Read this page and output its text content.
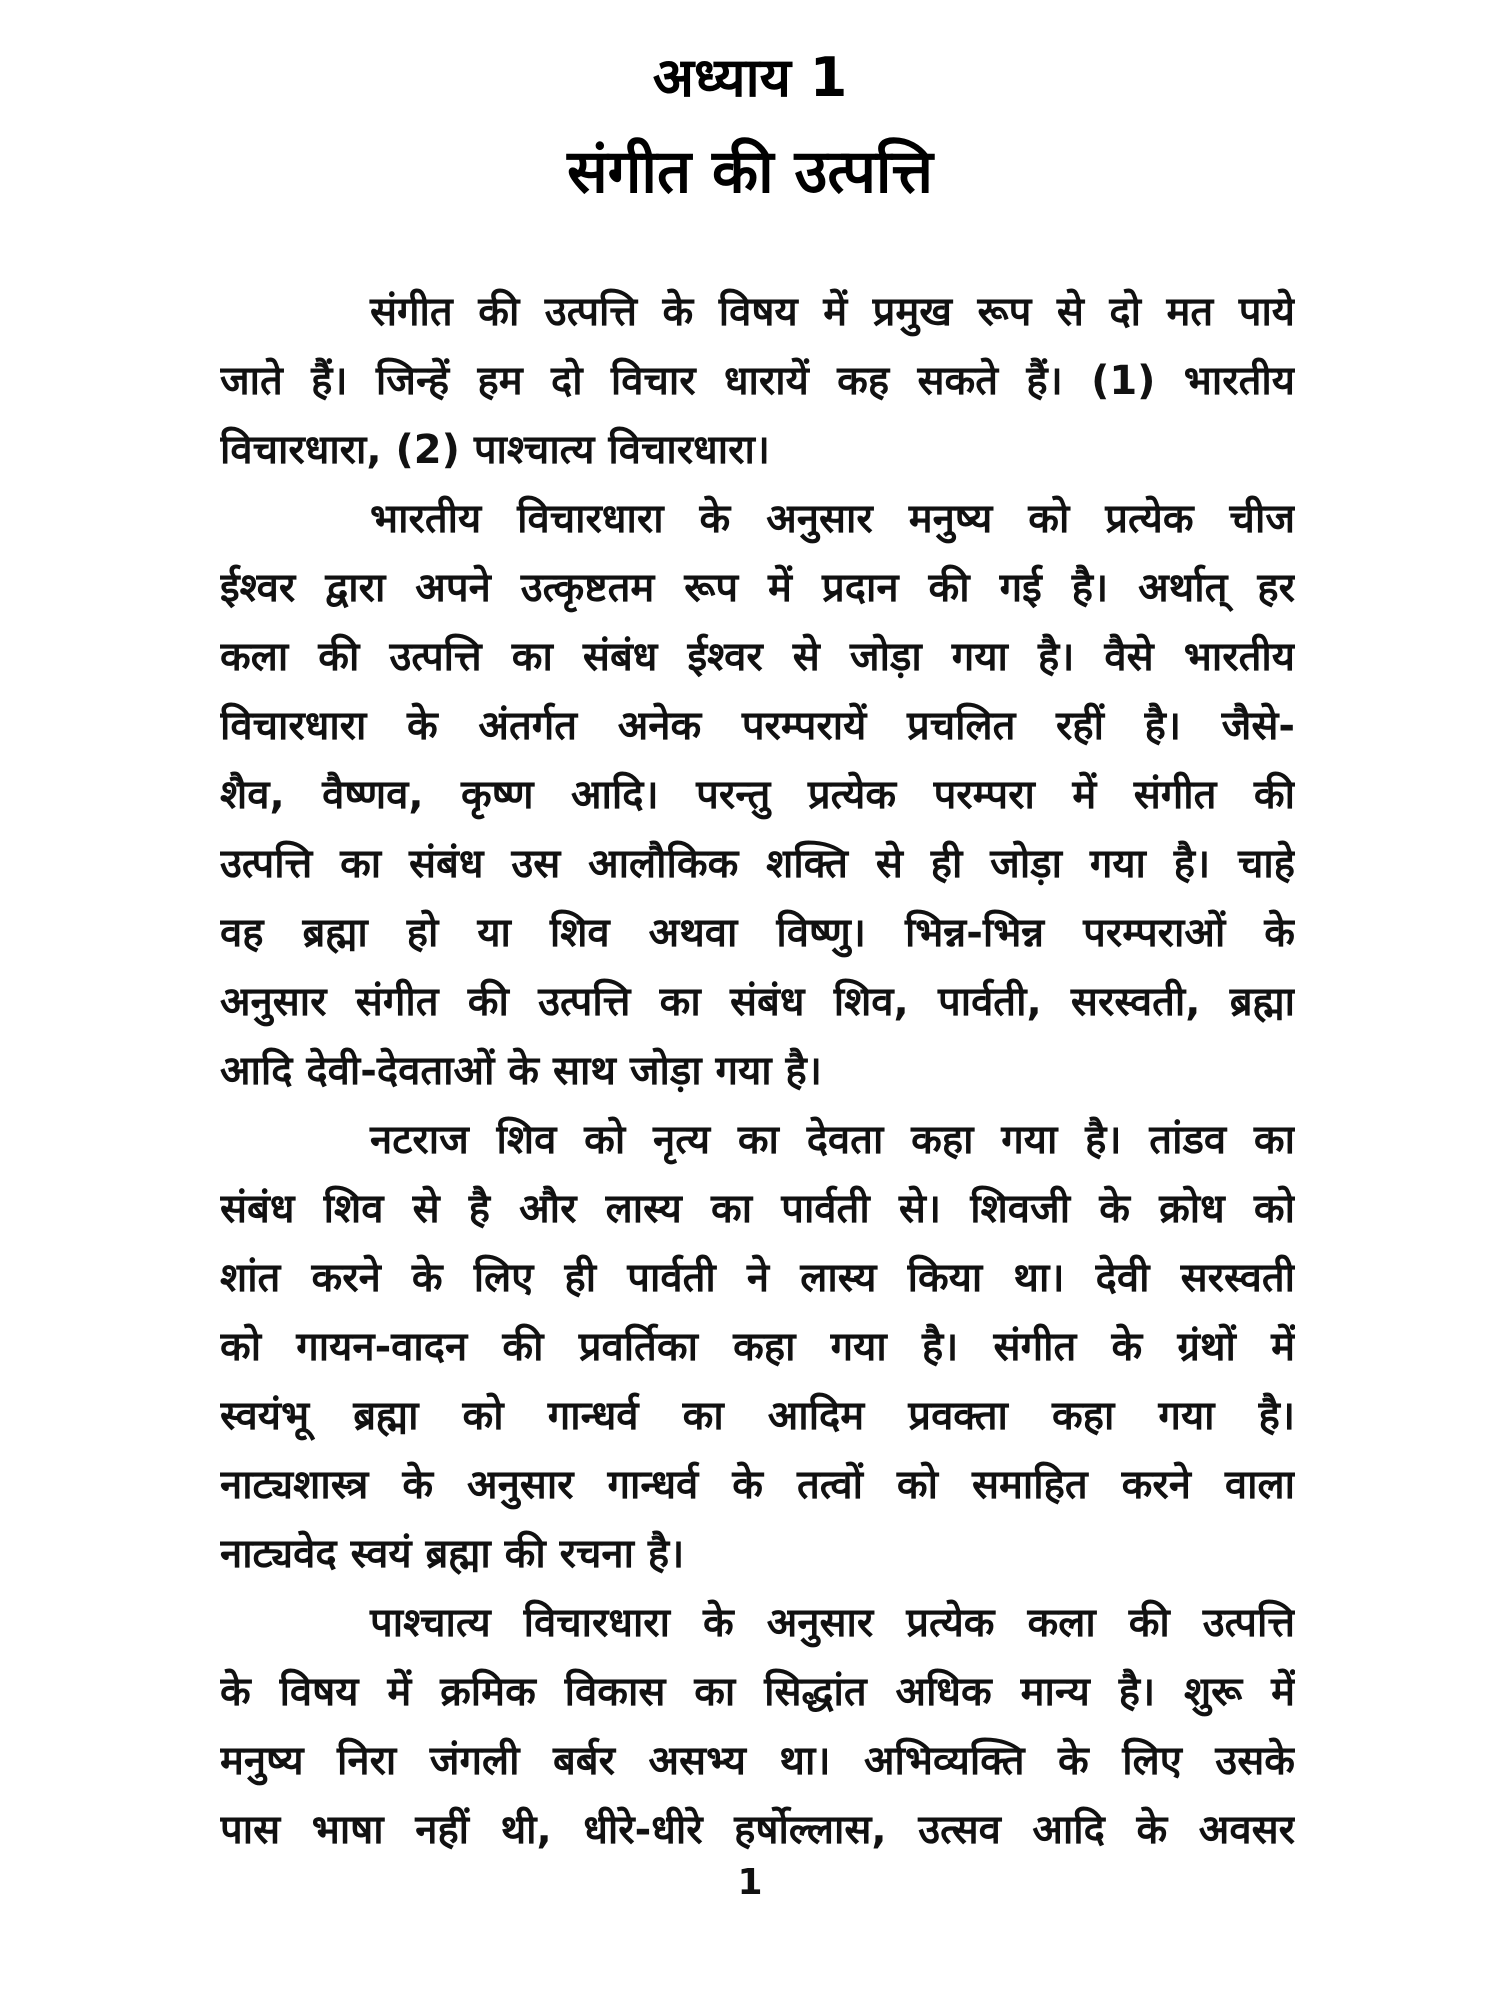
अध्याय 1
संगीत की उत्पत्ति
संगीत की उत्पत्ति के विषय में प्रमुख रूप से दो मत पाये
जाते हैं। जिन्हें हम दो विचार धारायें कह सकते हैं। (1) भारतीय
विचारधारा, (2) पाश्चात्य विचारधारा।
भारतीय विचारधारा के अनुसार मनुष्य को प्रत्येक चीज
ईश्वर द्वारा अपने उत्कृष्टतम रूप में प्रदान की गई है। अर्थात् हर
कला की उत्पत्ति का संबंध ईश्वर से जोड़ा गया है। वैसे भारतीय
विचारधारा के अंतर्गत अनेक परम्परायें प्रचलित रहीं है। जैसे-
शैव, वैष्णव, कृष्ण आदि। परन्तु प्रत्येक परम्परा में संगीत की
उत्पत्ति का संबंध उस आलौकिक शक्ति से ही जोड़ा गया है। चाहे
वह ब्रह्मा हो या शिव अथवा विष्णु। भिन्न-भिन्न परम्पराओं के
अनुसार संगीत की उत्पत्ति का संबंध शिव, पार्वती, सरस्वती, ब्रह्मा
आदि देवी-देवताओं के साथ जोड़ा गया है।
नटराज शिव को नृत्य का देवता कहा गया है। तांडव का
संबंध शिव से है और लास्य का पार्वती से। शिवजी के क्रोध को
शांत करने के लिए ही पार्वती ने लास्य किया था। देवी सरस्वती
को गायन-वादन की प्रवर्तिका कहा गया है। संगीत के ग्रंथों में
स्वयंभू ब्रह्मा को गान्धर्व का आदिम प्रवक्ता कहा गया है।
नाट्यशास्त्र के अनुसार गान्धर्व के तत्वों को समाहित करने वाला
नाट्यवेद स्वयं ब्रह्मा की रचना है।
पाश्चात्य विचारधारा के अनुसार प्रत्येक कला की उत्पत्ति
के विषय में क्रमिक विकास का सिद्धांत अधिक मान्य है। शुरू में
मनुष्य निरा जंगली बर्बर असभ्य था। अभिव्यक्ति के लिए उसके
पास भाषा नहीं थी, धीरे-धीरे हर्षोल्लास, उत्सव आदि के अवसर
1
